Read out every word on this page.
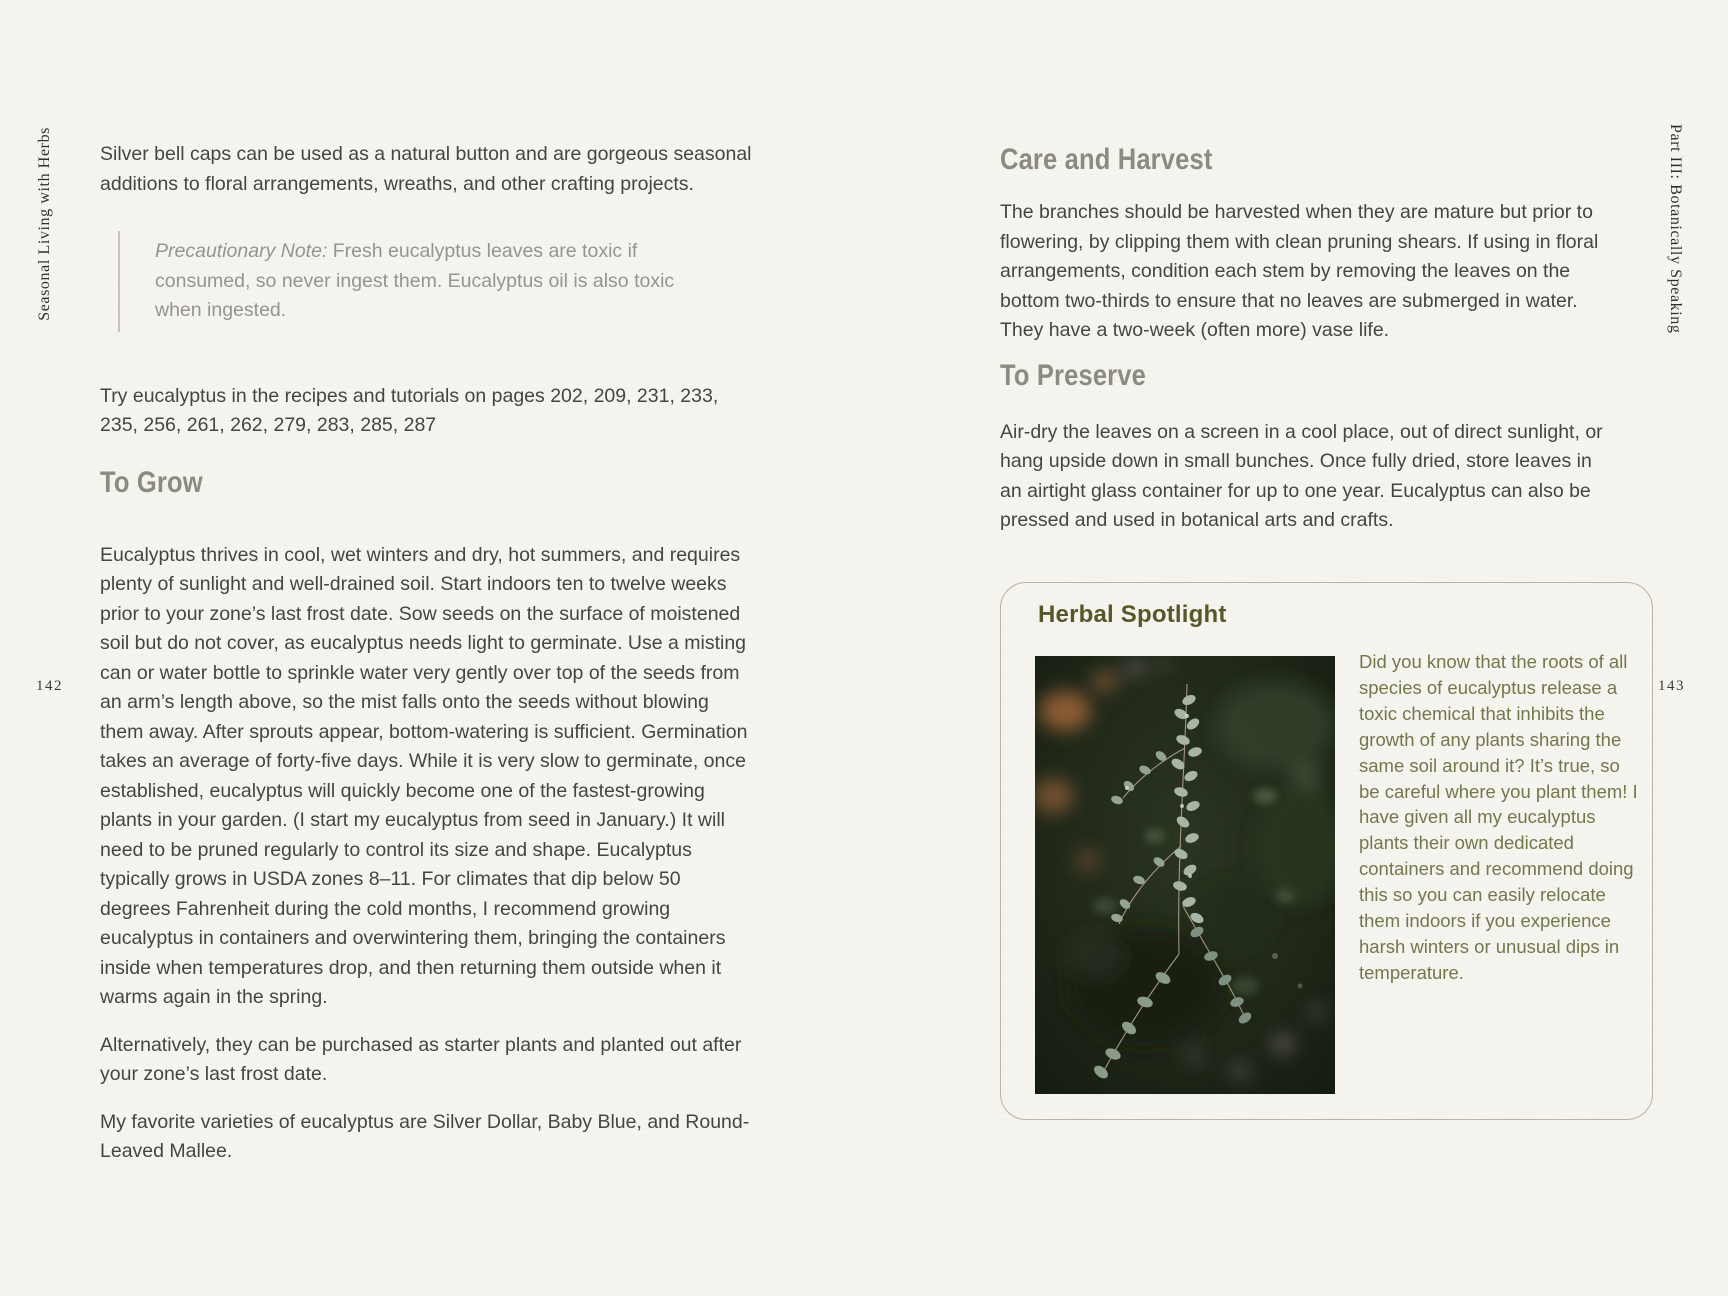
Seasonal Living with Herbs
142

Silver bell caps can be used as a natural button and are gorgeous seasonal additions to floral arrangements, wreaths, and other crafting projects.

Precautionary Note: Fresh eucalyptus leaves are toxic if consumed, so never ingest them. Eucalyptus oil is also toxic when ingested.

Try eucalyptus in the recipes and tutorials on pages 202, 209, 231, 233, 235, 256, 261, 262, 279, 283, 285, 287

To Grow

Eucalyptus thrives in cool, wet winters and dry, hot summers, and requires plenty of sunlight and well-drained soil. Start indoors ten to twelve weeks prior to your zone’s last frost date. Sow seeds on the surface of moistened soil but do not cover, as eucalyptus needs light to germinate. Use a misting can or water bottle to sprinkle water very gently over top of the seeds from an arm’s length above, so the mist falls onto the seeds without blowing them away. After sprouts appear, bottom-watering is sufficient. Germination takes an average of forty-five days. While it is very slow to germinate, once established, eucalyptus will quickly become one of the fastest-growing plants in your garden. (I start my eucalyptus from seed in January.) It will need to be pruned regularly to control its size and shape. Eucalyptus typically grows in USDA zones 8–11. For climates that dip below 50 degrees Fahrenheit during the cold months, I recommend growing eucalyptus in containers and overwintering them, bringing the containers inside when temperatures drop, and then returning them outside when it warms again in the spring.

Alternatively, they can be purchased as starter plants and planted out after your zone’s last frost date.

My favorite varieties of eucalyptus are Silver Dollar, Baby Blue, and Round-Leaved Mallee.

Part III: Botanically Speaking
143
Care and Harvest

The branches should be harvested when they are mature but prior to flowering, by clipping them with clean pruning shears. If using in floral arrangements, condition each stem by removing the leaves on the bottom two-thirds to ensure that no leaves are submerged in water. They have a two-week (often more) vase life.

To Preserve

Air-dry the leaves on a screen in a cool place, out of direct sunlight, or hang upside down in small bunches. Once fully dried, store leaves in an airtight glass container for up to one year. Eucalyptus can also be pressed and used in botanical arts and crafts.

Herbal Spotlight

Did you know that the roots of all species of eucalyptus release a toxic chemical that inhibits the growth of any plants sharing the same soil around it? It’s true, so be careful where you plant them! I have given all my eucalyptus plants their own dedicated containers and recommend doing this so you can easily relocate them indoors if you experience harsh winters or unusual dips in temperature.
